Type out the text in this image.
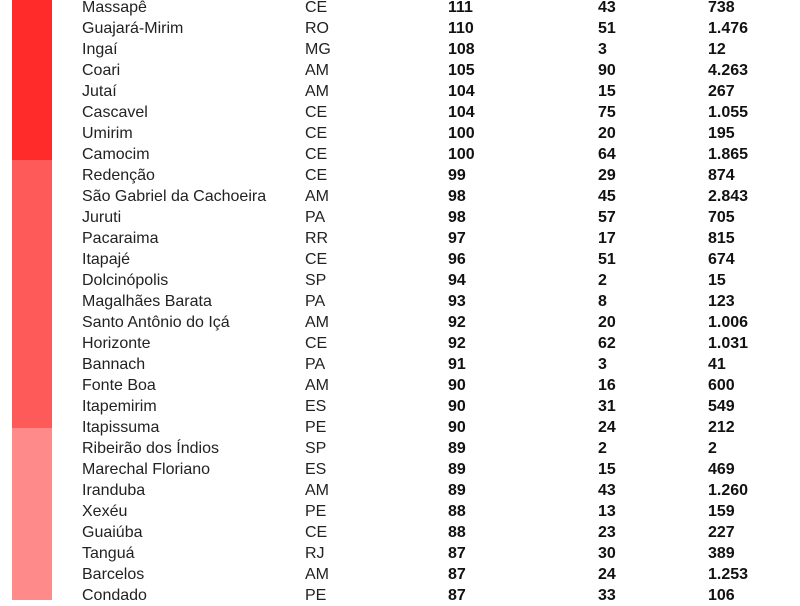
Massapê	CE	111	43	738
Guajará-Mirim	RO	110	51	1.476
Ingaí	MG	108	3	12
Coari	AM	105	90	4.263
Jutaí	AM	104	15	267
Cascavel	CE	104	75	1.055
Umirim	CE	100	20	195
Camocim	CE	100	64	1.865
Redenção	CE	99	29	874
São Gabriel da Cachoeira AM	98	45	2.843
Juruti	PA	98	57	705
Pacaraima	RR	97	17	815
Itapajé	CE	96	51	674
Dolcinópolis	SP	94	2	15
Magalhães Barata	PA	93	8	123
Santo Antônio do Içá	AM	92	20	1.006
Horizonte	CE	92	62	1.031
Bannach	PA	91	3	41
Fonte Boa	AM	90	16	600
Itapemirim	ES	90	31	549
Itapissuma	PE	90	24	212
Ribeirão dos Índios	SP	89	2	2
Marechal Floriano	ES	89	15	469
Iranduba	AM	89	43	1.260
Xexéu	PE	88	13	159
Guaiúba	CE	88	23	227
Tanguá	RJ	87	30	389
Barcelos	AM	87	24	1.253
Condado	PE	87	33	106
